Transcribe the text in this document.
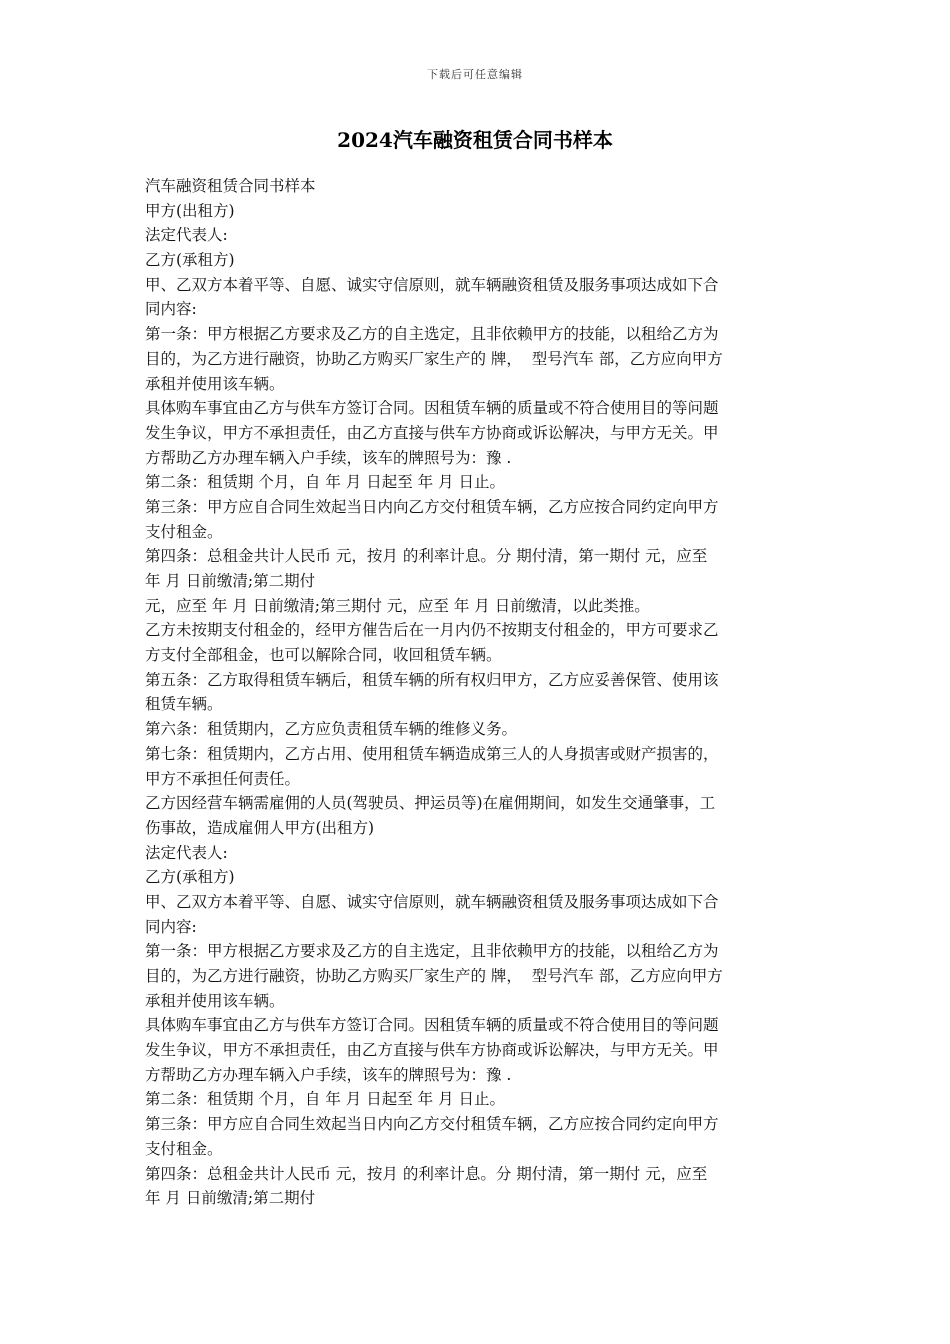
下载后可任意编辑
2024汽车融资租赁合同书样本
汽车融资租赁合同书样本
甲方(出租方)
法定代表人:
乙方(承租方)
甲、乙双方本着平等、自愿、诚实守信原则，就车辆融资租赁及服务事项达成如下合
同内容:
第一条：甲方根据乙方要求及乙方的自主选定，且非依赖甲方的技能，以租给乙方为
目的，为乙方进行融资，协助乙方购买厂家生产的 牌，  型号汽车 部，乙方应向甲方
承租并使用该车辆。
具体购车事宜由乙方与供车方签订合同。因租赁车辆的质量或不符合使用目的等问题
发生争议，甲方不承担责任，由乙方直接与供车方协商或诉讼解决，与甲方无关。甲
方帮助乙方办理车辆入户手续，该车的牌照号为：豫 .
第二条：租赁期 个月，自 年 月 日起至 年 月 日止。
第三条：甲方应自合同生效起当日内向乙方交付租赁车辆，乙方应按合同约定向甲方
支付租金。
第四条：总租金共计人民币 元，按月 的利率计息。分 期付清，第一期付 元，应至
年 月 日前缴清;第二期付
元，应至 年 月 日前缴清;第三期付 元，应至 年 月 日前缴清，以此类推。
乙方未按期支付租金的，经甲方催告后在一月内仍不按期支付租金的，甲方可要求乙
方支付全部租金，也可以解除合同，收回租赁车辆。
第五条：乙方取得租赁车辆后，租赁车辆的所有权归甲方，乙方应妥善保管、使用该
租赁车辆。
第六条：租赁期内，乙方应负责租赁车辆的维修义务。
第七条：租赁期内，乙方占用、使用租赁车辆造成第三人的人身损害或财产损害的，
甲方不承担任何责任。
乙方因经营车辆需雇佣的人员(驾驶员、押运员等)在雇佣期间，如发生交通肇事，工
伤事故，造成雇佣人甲方(出租方)
法定代表人:
乙方(承租方)
甲、乙双方本着平等、自愿、诚实守信原则，就车辆融资租赁及服务事项达成如下合
同内容:
第一条：甲方根据乙方要求及乙方的自主选定，且非依赖甲方的技能，以租给乙方为
目的，为乙方进行融资，协助乙方购买厂家生产的 牌，  型号汽车 部，乙方应向甲方
承租并使用该车辆。
具体购车事宜由乙方与供车方签订合同。因租赁车辆的质量或不符合使用目的等问题
发生争议，甲方不承担责任，由乙方直接与供车方协商或诉讼解决，与甲方无关。甲
方帮助乙方办理车辆入户手续，该车的牌照号为：豫 .
第二条：租赁期 个月，自 年 月 日起至 年 月 日止。
第三条：甲方应自合同生效起当日内向乙方交付租赁车辆，乙方应按合同约定向甲方
支付租金。
第四条：总租金共计人民币 元，按月 的利率计息。分 期付清，第一期付 元，应至
年 月 日前缴清;第二期付
